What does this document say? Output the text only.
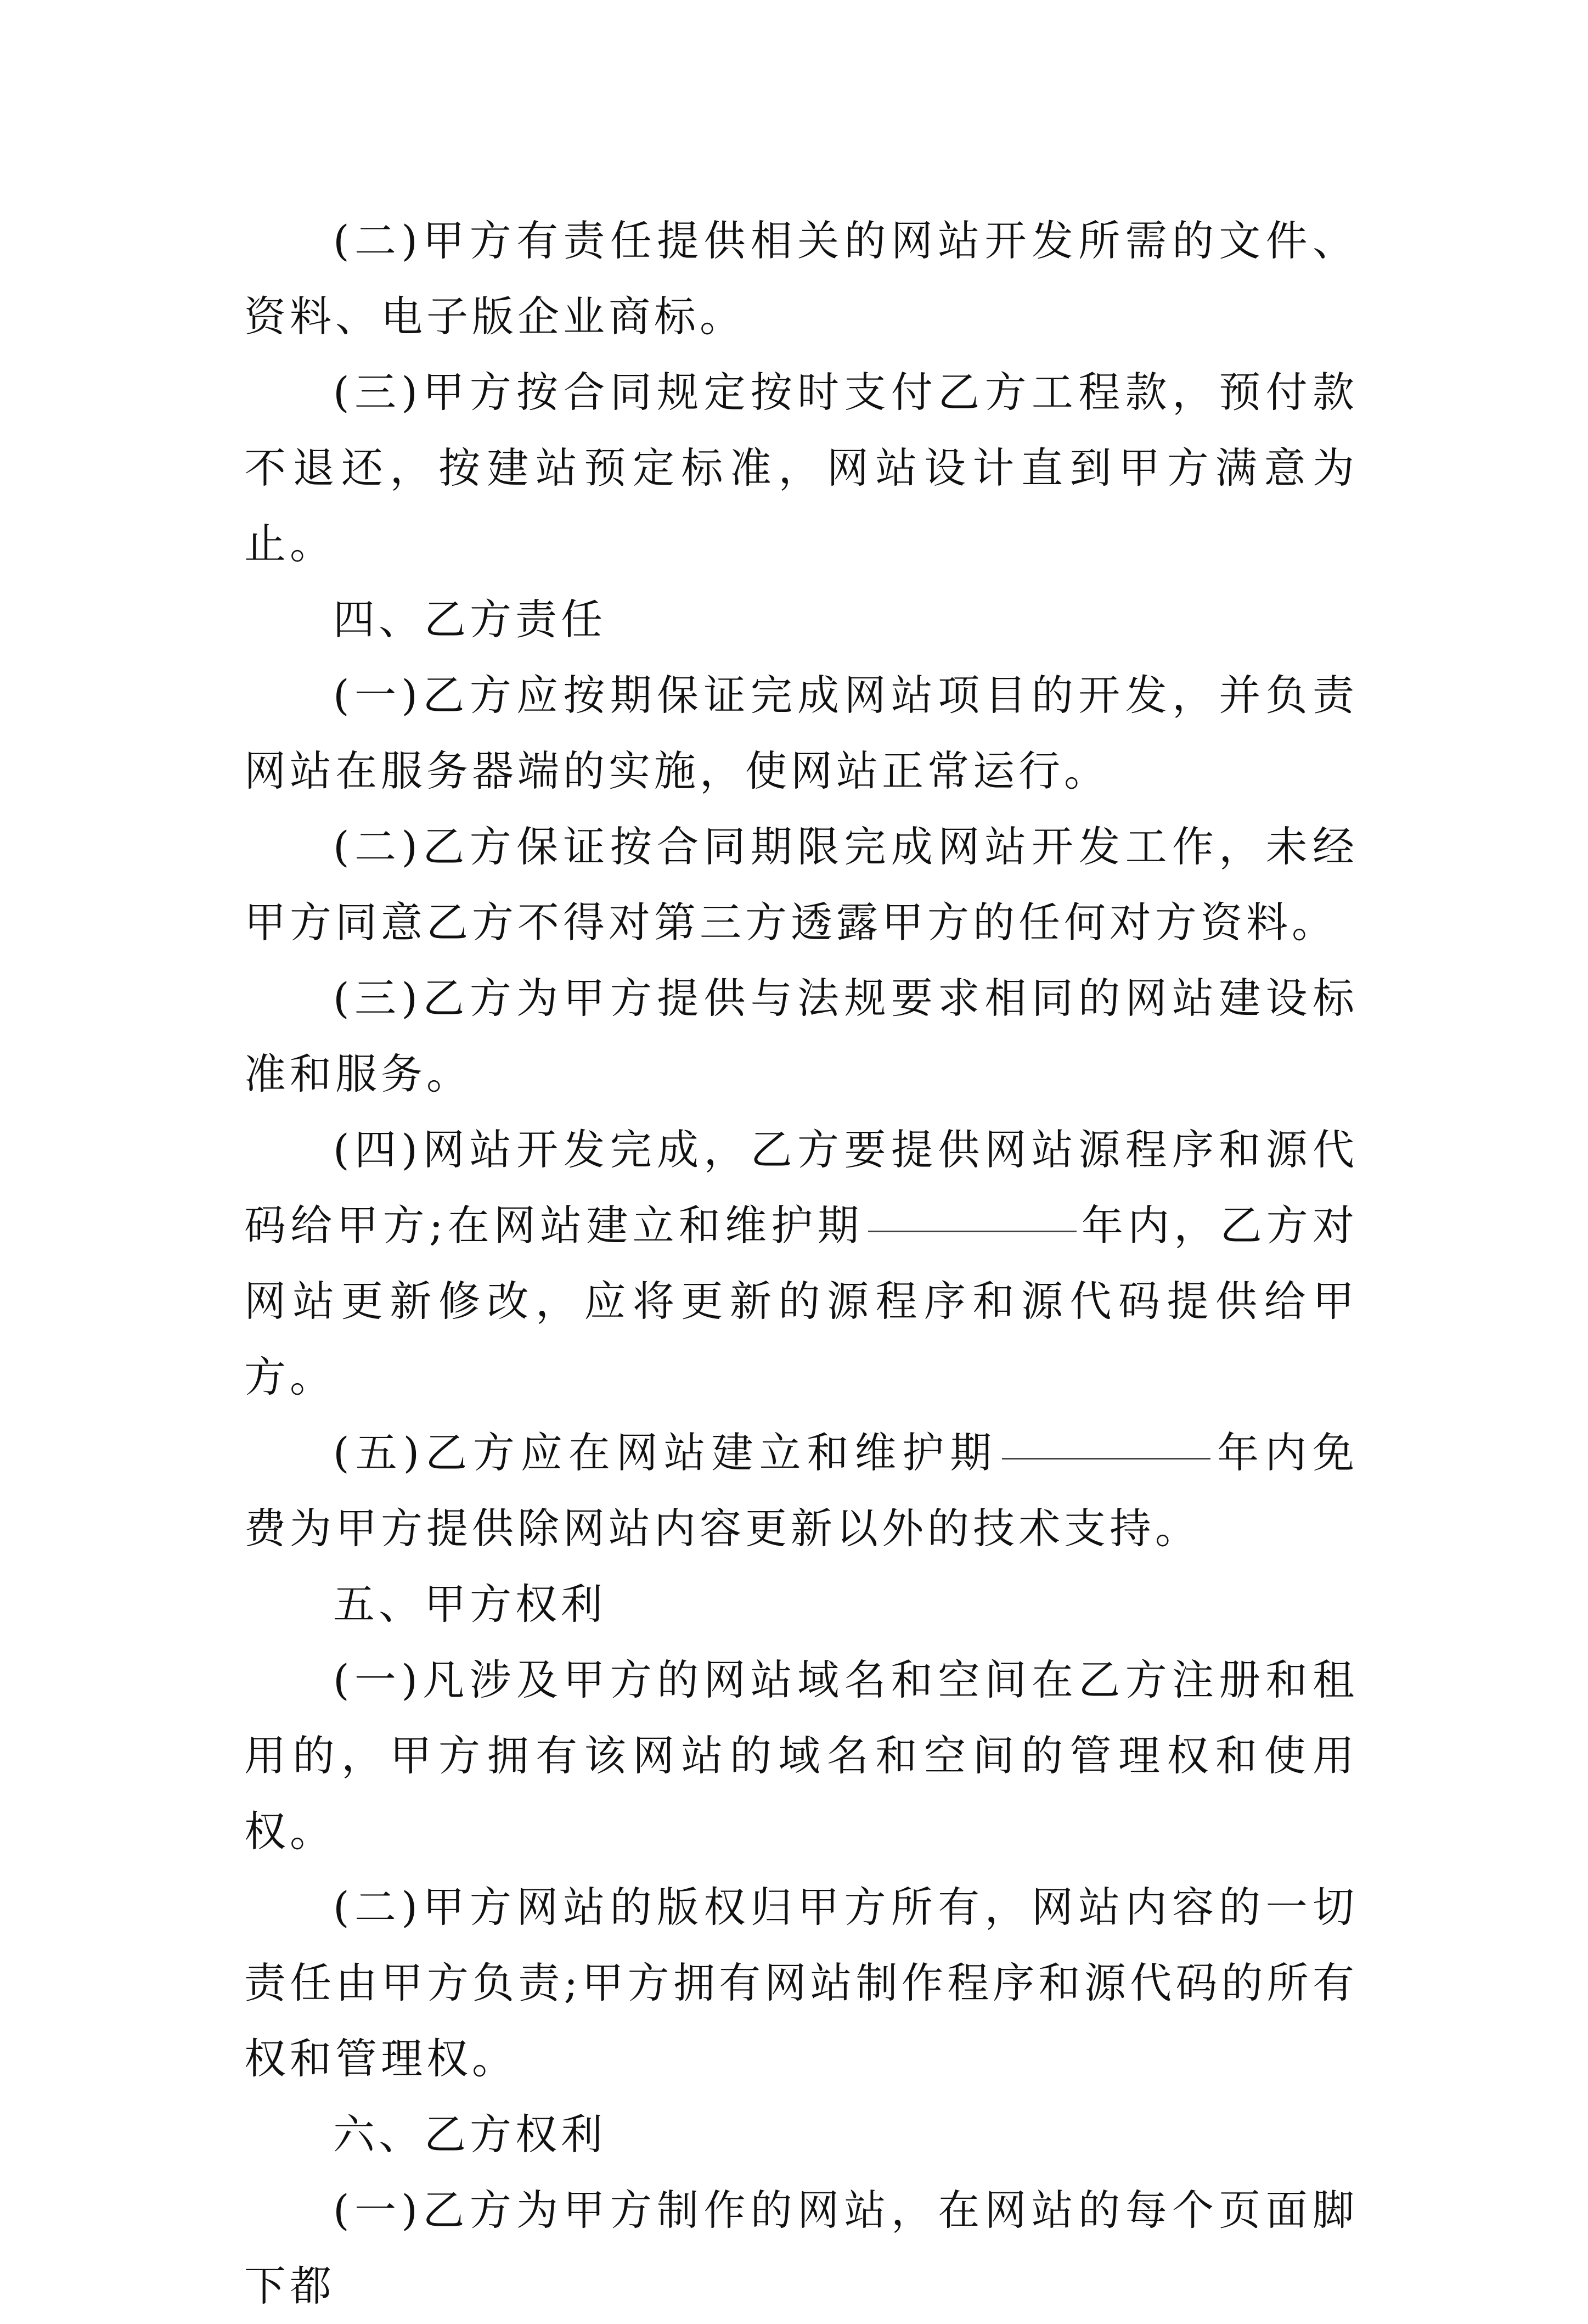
(二)甲方有责任提供相关的网站开发所需的文件、资料、电子版企业商标。

(三)甲方按合同规定按时支付乙方工程款，预付款不退还，按建站预定标准，网站设计直到甲方满意为止。

四、乙方责任

(一)乙方应按期保证完成网站项目的开发，并负责网站在服务器端的实施，使网站正常运行。

(二)乙方保证按合同期限完成网站开发工作，未经甲方同意乙方不得对第三方透露甲方的任何对方资料。

(三)乙方为甲方提供与法规要求相同的网站建设标准和服务。

(四)网站开发完成，乙方要提供网站源程序和源代码给甲方;在网站建立和维护期	年内，乙方对网站更新修改，应将更新的源程序和源代码提供给甲方。

(五)乙方应在网站建立和维护期	年内免费为甲方提供除网站内容更新以外的技术支持。

五、甲方权利

(一)凡涉及甲方的网站域名和空间在乙方注册和租用的，甲方拥有该网站的域名和空间的管理权和使用权。

(二)甲方网站的版权归甲方所有，网站内容的一切责任由甲方负责;甲方拥有网站制作程序和源代码的所有权和管理权。

六、乙方权利

(一)乙方为甲方制作的网站，在网站的每个页面脚下都
